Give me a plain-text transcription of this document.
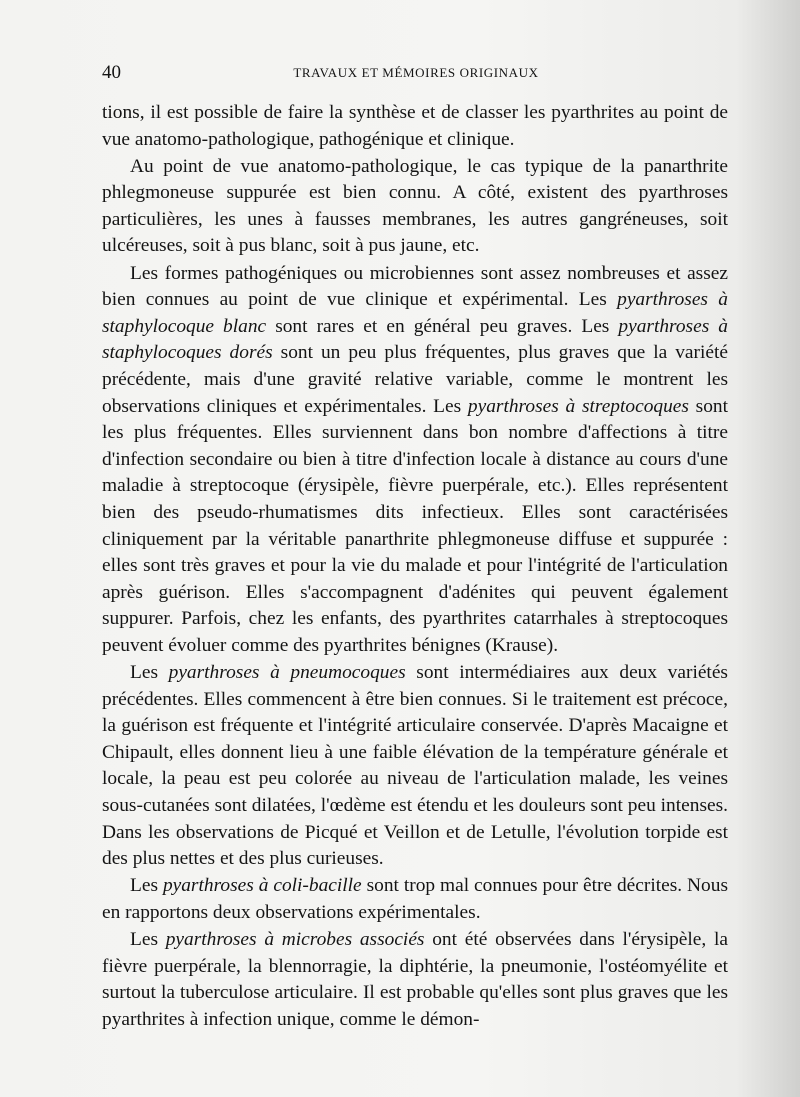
40	TRAVAUX ET MÉMOIRES ORIGINAUX

tions, il est possible de faire la synthèse et de classer les pyarthrites au point de vue anatomo-pathologique, pathogénique et clinique.

Au point de vue anatomo-pathologique, le cas typique de la panarthrite phlegmoneuse suppurée est bien connu. A côté, existent des pyarthroses particulières, les unes à fausses membranes, les autres gangréneuses, soit ulcéreuses, soit à pus blanc, soit à pus jaune, etc.

Les formes pathogéniques ou microbiennes sont assez nombreuses et assez bien connues au point de vue clinique et expérimental. Les pyarthroses à staphylocoque blanc sont rares et en général peu graves. Les pyarthroses à staphylocoques dorés sont un peu plus fréquentes, plus graves que la variété précédente, mais d'une gravité relative variable, comme le montrent les observations cliniques et expérimentales. Les pyarthroses à streptocoques sont les plus fréquentes. Elles surviennent dans bon nombre d'affections à titre d'infection secondaire ou bien à titre d'infection locale à distance au cours d'une maladie à streptocoque (érysipèle, fièvre puerpérale, etc.). Elles représentent bien des pseudo-rhumatismes dits infectieux. Elles sont caractérisées cliniquement par la véritable panarthrite phlegmoneuse diffuse et suppurée : elles sont très graves et pour la vie du malade et pour l'intégrité de l'articulation après guérison. Elles s'accompagnent d'adénites qui peuvent également suppurer. Parfois, chez les enfants, des pyarthrites catarrhales à streptocoques peuvent évoluer comme des pyarthrites bénignes (Krause).

Les pyarthroses à pneumocoques sont intermédiaires aux deux variétés précédentes. Elles commencent à être bien connues. Si le traitement est précoce, la guérison est fréquente et l'intégrité articulaire conservée. D'après Macaigne et Chipault, elles donnent lieu à une faible élévation de la température générale et locale, la peau est peu colorée au niveau de l'articulation malade, les veines sous-cutanées sont dilatées, l'œdème est étendu et les douleurs sont peu intenses. Dans les observations de Picqué et Veillon et de Letulle, l'évolution torpide est des plus nettes et des plus curieuses.

Les pyarthroses à coli-bacille sont trop mal connues pour être décrites. Nous en rapportons deux observations expérimentales.

Les pyarthroses à microbes associés ont été observées dans l'érysipèle, la fièvre puerpérale, la blennorragie, la diphtérie, la pneumonie, l'ostéomyélite et surtout la tuberculose articulaire. Il est probable qu'elles sont plus graves que les pyarthrites à infection unique, comme le démon-
